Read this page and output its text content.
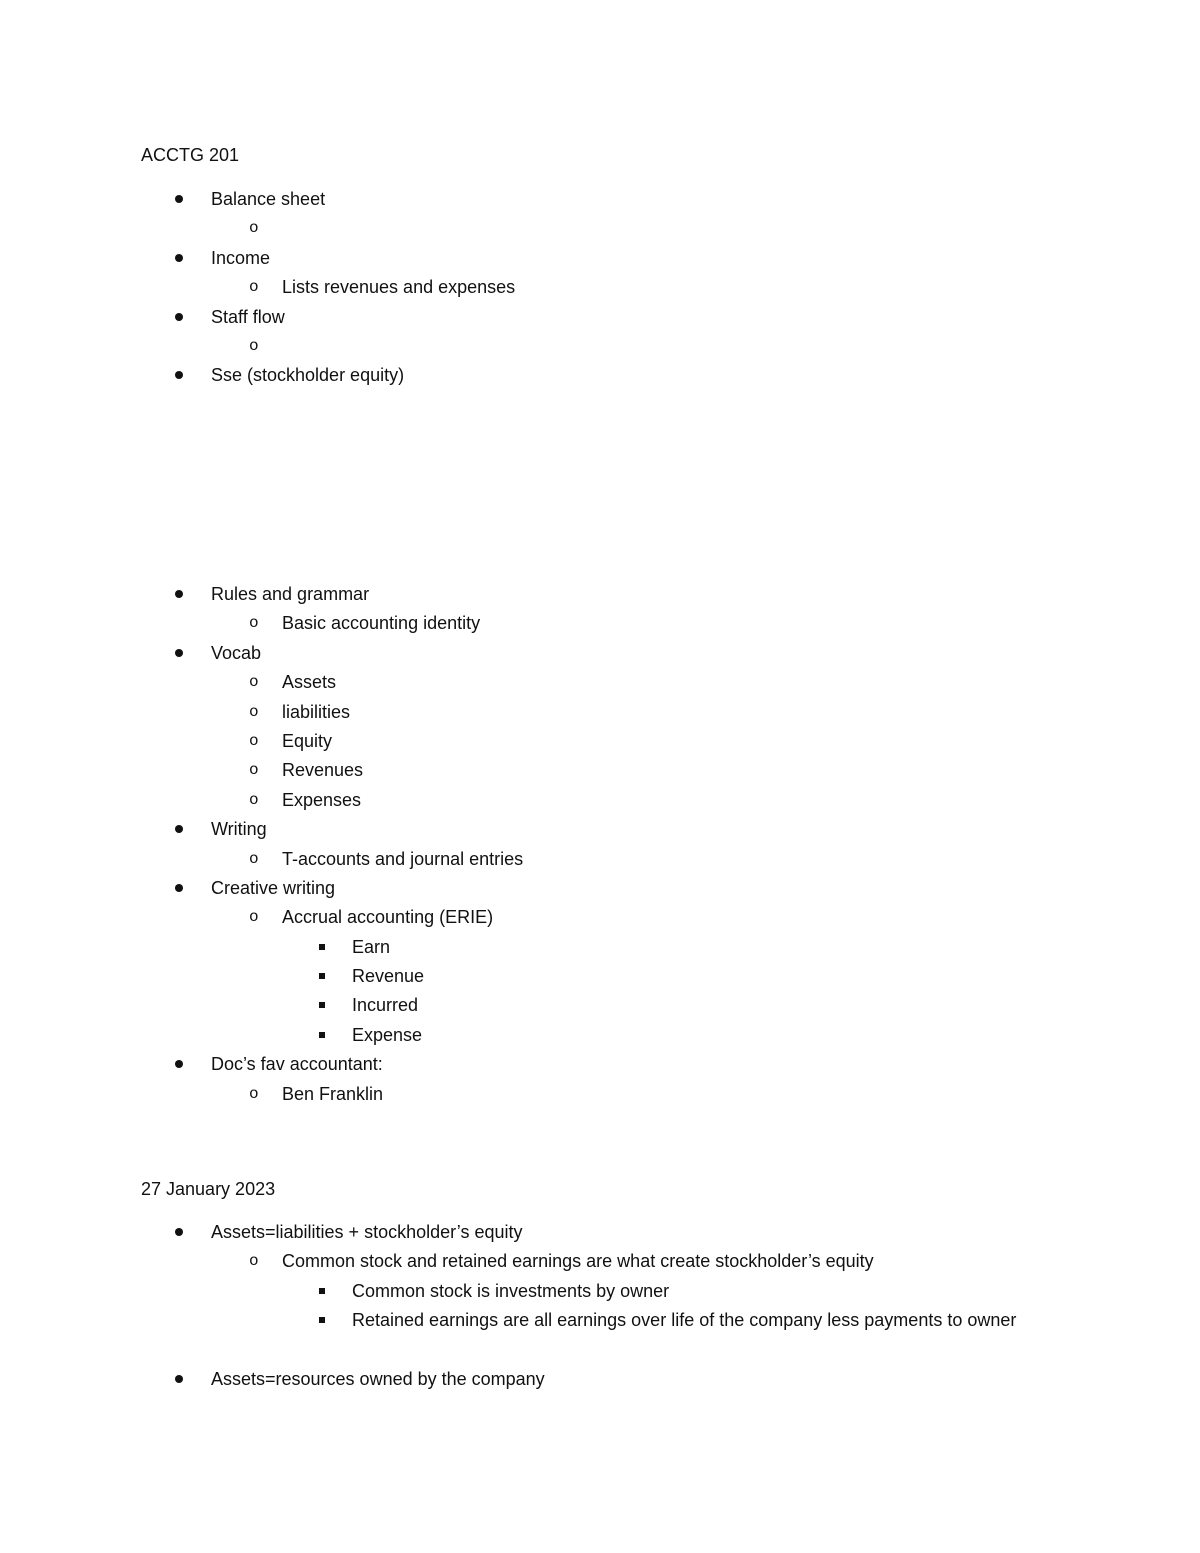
ACCTG 201
Balance sheet
o
Income
o Lists revenues and expenses
Staff flow
o
Sse (stockholder equity)
Rules and grammar
o Basic accounting identity
Vocab
o Assets
o liabilities
o Equity
o Revenues
o Expenses
Writing
o T-accounts and journal entries
Creative writing
o Accrual accounting (ERIE)
Earn
Revenue
Incurred
Expense
Doc’s fav accountant:
o Ben Franklin
27 January 2023
Assets=liabilities + stockholder’s equity
o Common stock and retained earnings are what create stockholder’s equity
Common stock is investments by owner
Retained earnings are all earnings over life of the company less payments to owner
Assets=resources owned by the company
